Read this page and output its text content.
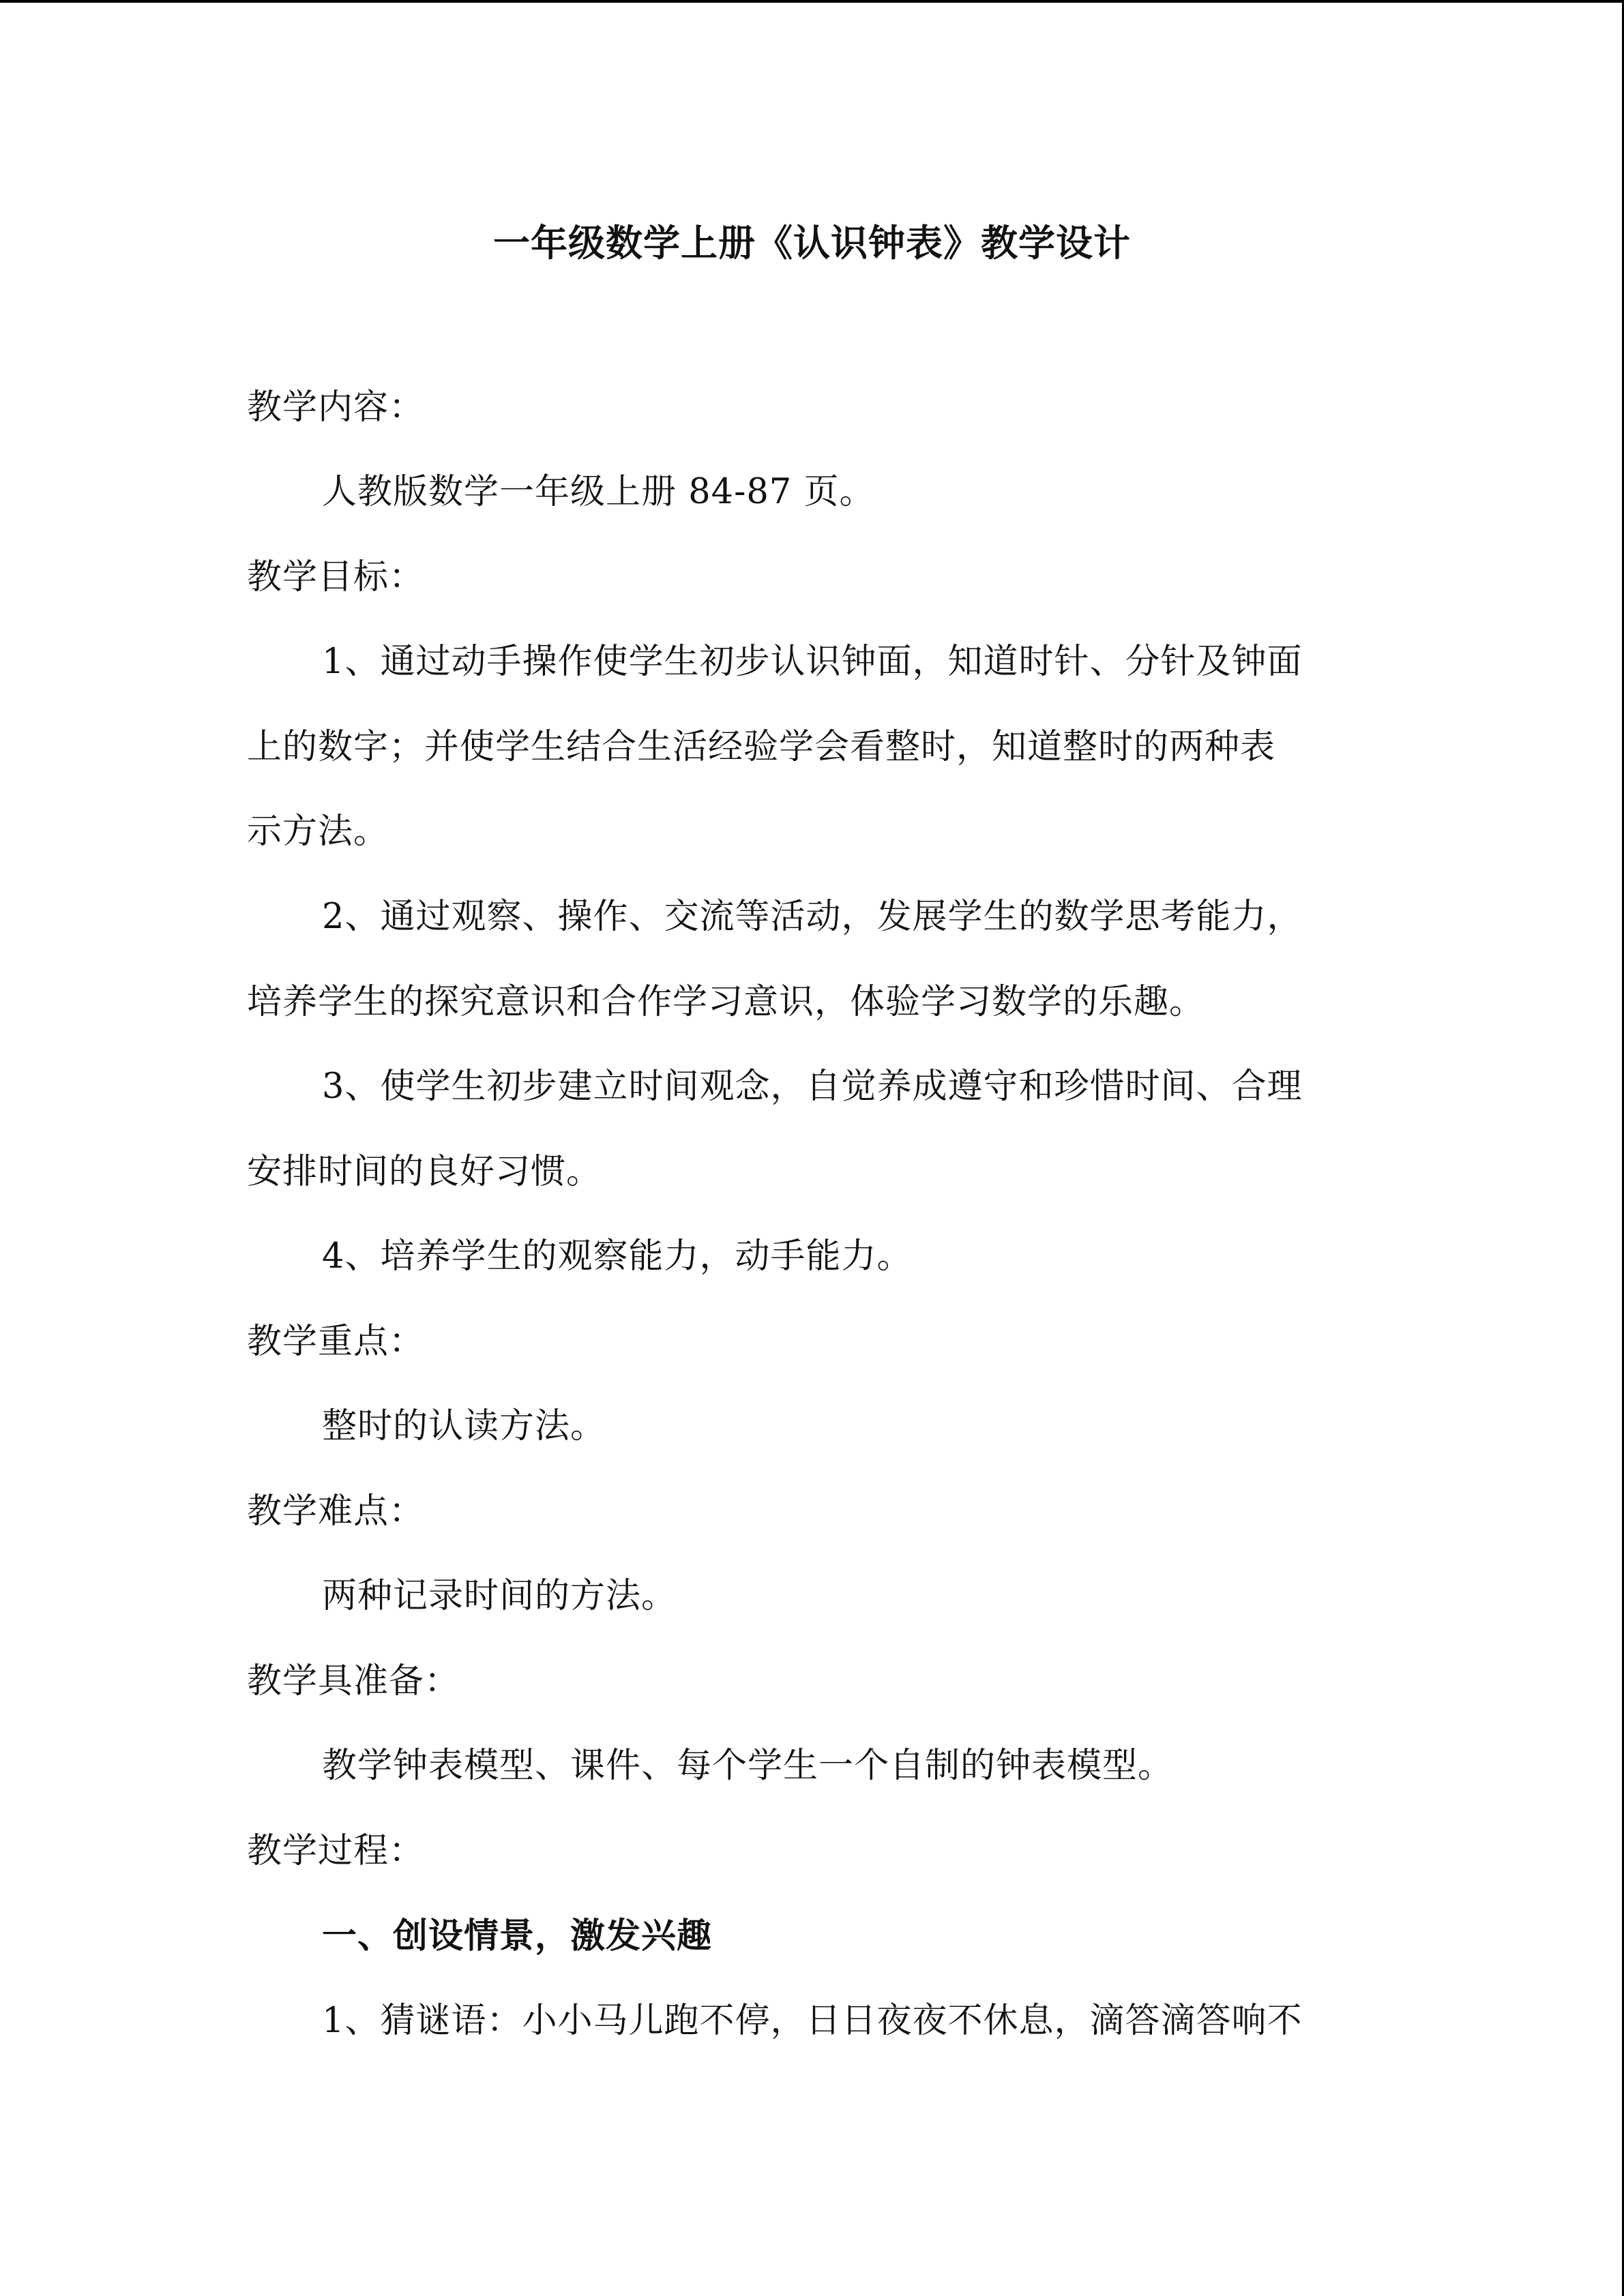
一年级数学上册《认识钟表》教学设计
教学内容：
人教版数学一年级上册 84-87 页。
教学目标：
1、通过动手操作使学生初步认识钟面，知道时针、分针及钟面
上的数字；并使学生结合生活经验学会看整时，知道整时的两种表
示方法。
2、通过观察、操作、交流等活动，发展学生的数学思考能力，
培养学生的探究意识和合作学习意识，体验学习数学的乐趣。
3、使学生初步建立时间观念，自觉养成遵守和珍惜时间、合理
安排时间的良好习惯。
4、培养学生的观察能力，动手能力。
教学重点：
整时的认读方法。
教学难点：
两种记录时间的方法。
教学具准备：
教学钟表模型、课件、每个学生一个自制的钟表模型。
教学过程：
一、创设情景，激发兴趣
1、猜谜语：小小马儿跑不停，日日夜夜不休息，滴答滴答响不
